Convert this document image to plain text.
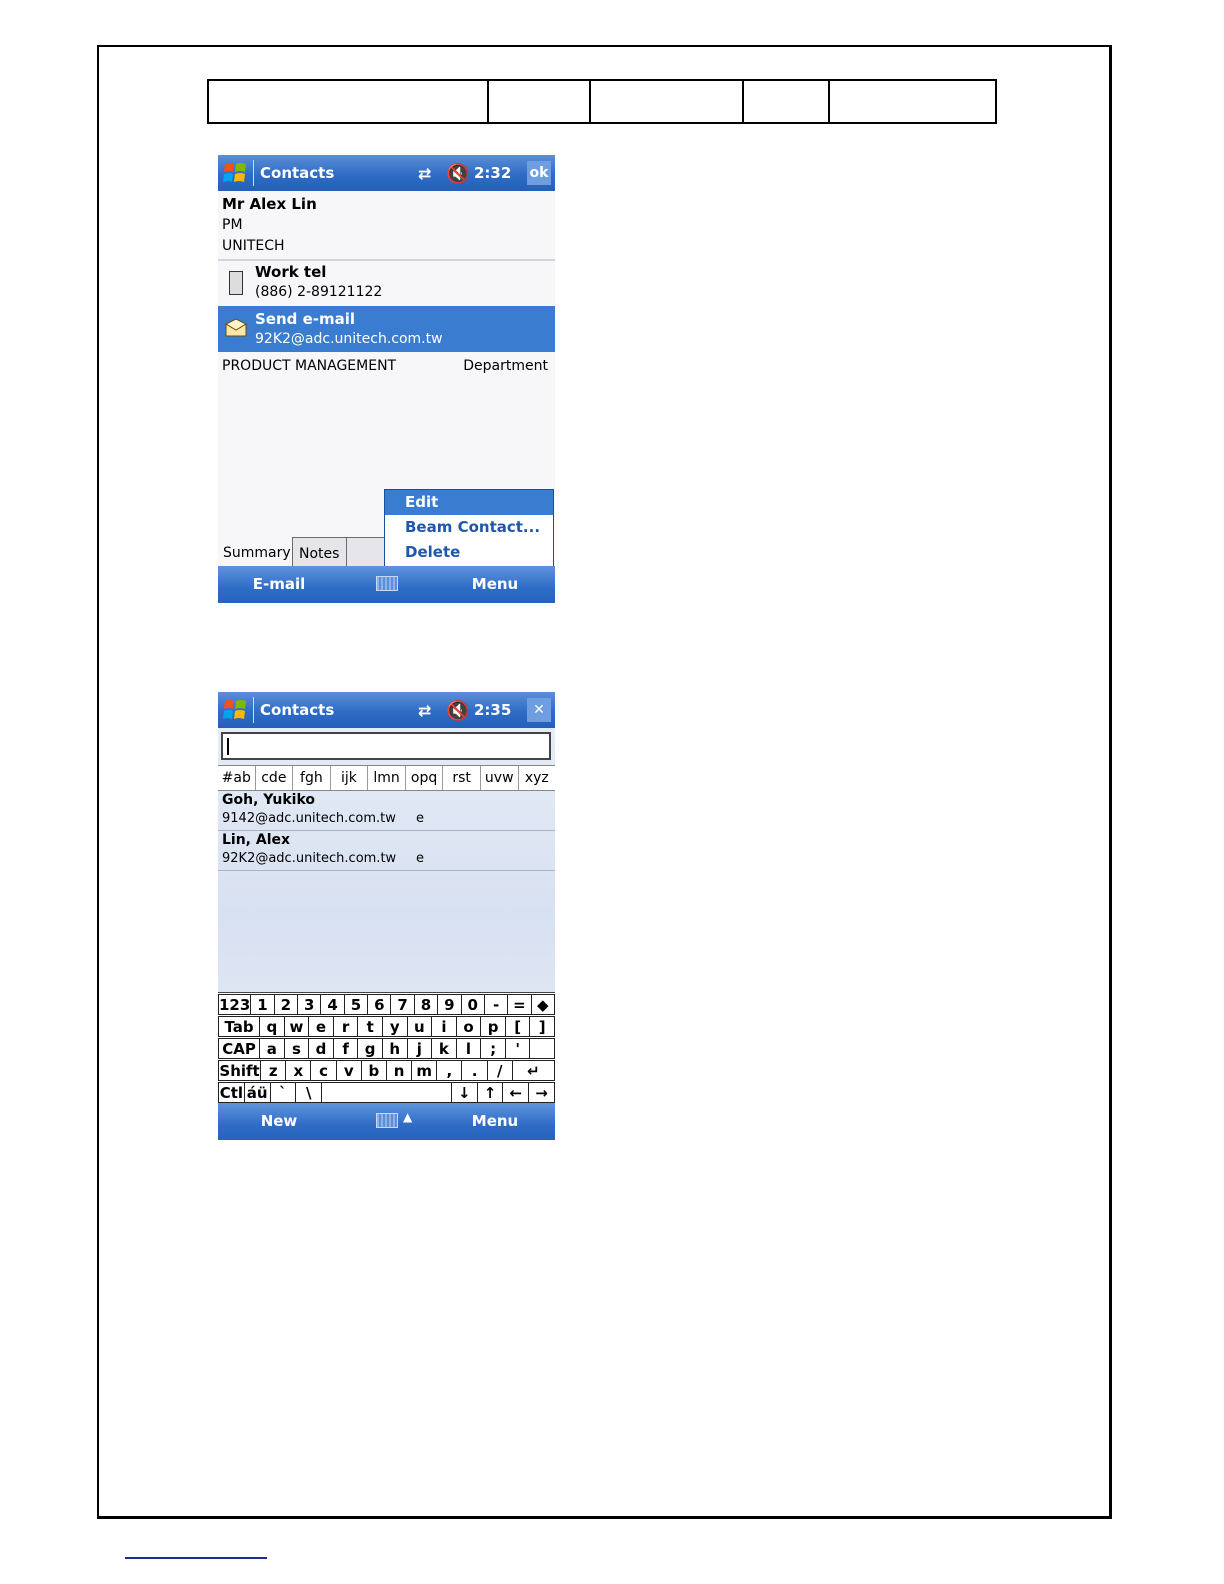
Contacts	⇄ 🔇 2:32 ok
Mr Alex Lin
PM
UNITECH
Work tel
(886) 2-89121122
Send e-mail
92K2@adc.unitech.com.tw
PRODUCT MANAGEMENT	Department
Summary Notes
Edit
Beam Contact...
Delete
E-mail	Menu
Contacts	⇄ 🔇 2:35	✕
#ab cde fgh	ijk	lmn opq	rst uvw xyz
Goh, Yukiko
9142@adc.unitech.com.tw e
Lin, Alex
92K2@adc.unitech.com.tw e
123 1 2 3 4 5 6 7 8 9 0	- = ◆
Tab q w e	r	t	y u	i	o p	[	]
CAP a	s d	f	g h	j	k	l	;	'
Shift z	x	c	v b n m ,	.	/	↵
Ctl áü `	\	↓ ↑ ← →
New	▲	Menu
